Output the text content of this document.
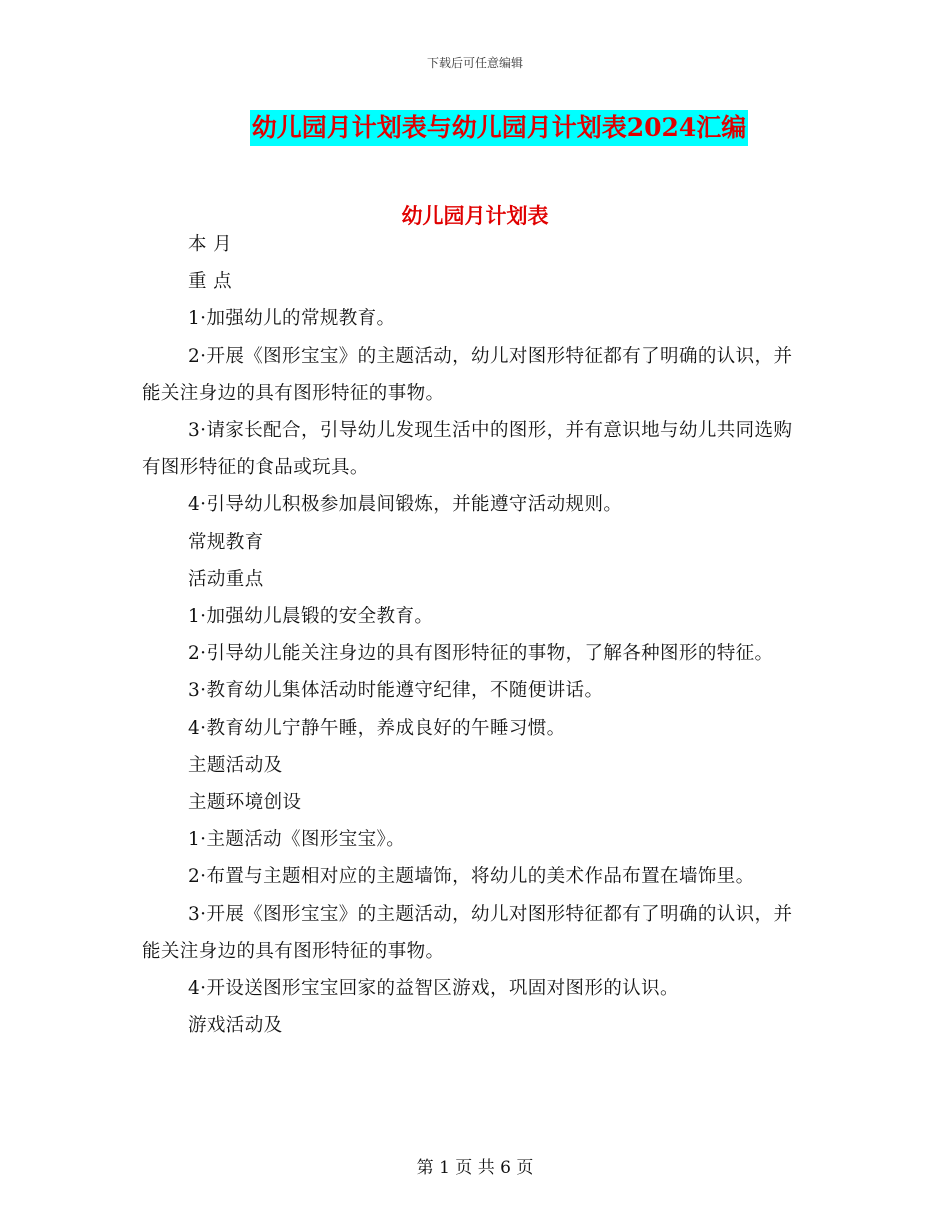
下载后可任意编辑
幼儿园月计划表与幼儿园月计划表2024汇编
幼儿园月计划表

本 月

重 点

1·加强幼儿的常规教育。

2·开展《图形宝宝》的主题活动，幼儿对图形特征都有了明确的认识，并能关注身边的具有图形特征的事物。

3·请家长配合，引导幼儿发现生活中的图形，并有意识地与幼儿共同选购有图形特征的食品或玩具。

4·引导幼儿积极参加晨间锻炼，并能遵守活动规则。

常规教育

活动重点

1·加强幼儿晨锻的安全教育。

2·引导幼儿能关注身边的具有图形特征的事物，了解各种图形的特征。

3·教育幼儿集体活动时能遵守纪律，不随便讲话。

4·教育幼儿宁静午睡，养成良好的午睡习惯。

主题活动及

主题环境创设

1·主题活动《图形宝宝》。

2·布置与主题相对应的主题墙饰，将幼儿的美术作品布置在墙饰里。

3·开展《图形宝宝》的主题活动，幼儿对图形特征都有了明确的认识，并能关注身边的具有图形特征的事物。

4·开设送图形宝宝回家的益智区游戏，巩固对图形的认识。

游戏活动及

第 1 页 共 6 页
